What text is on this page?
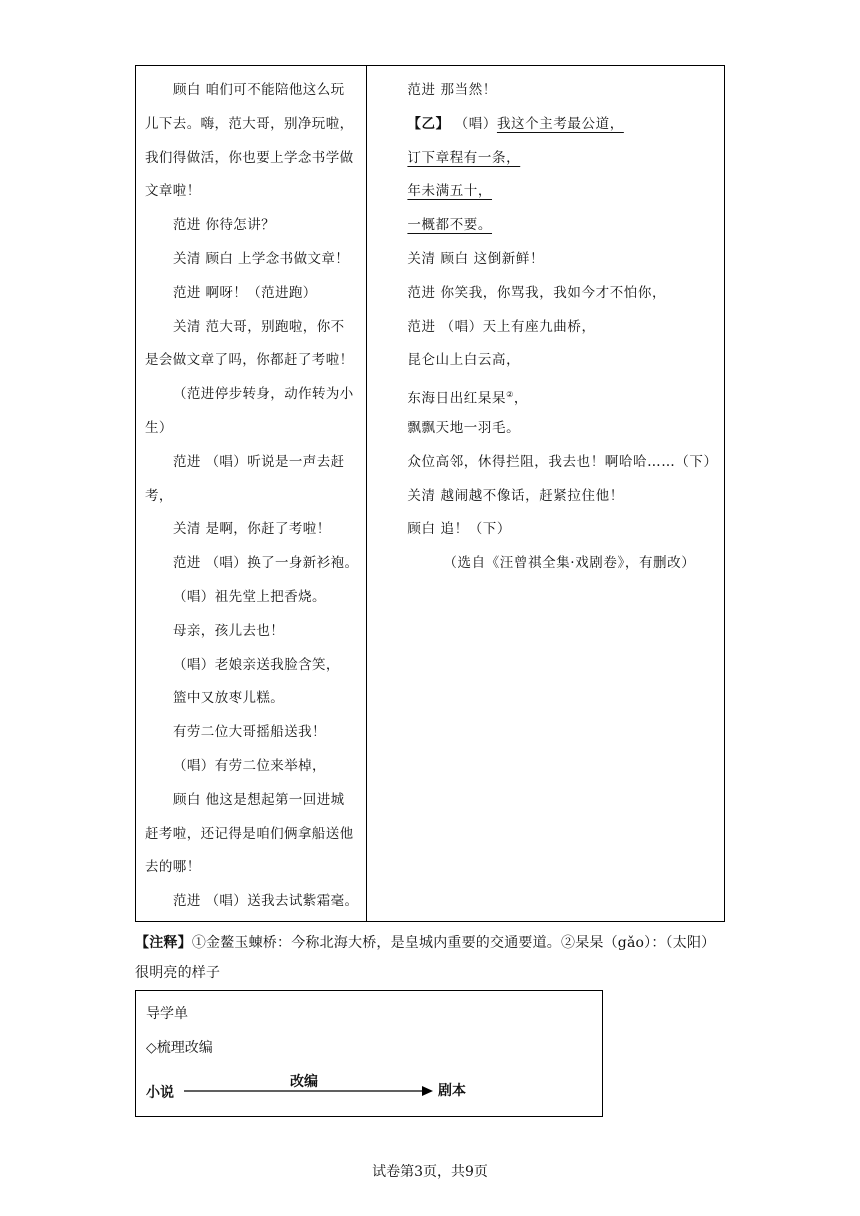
顾白 咱们可不能陪他这么玩
儿下去。嗨，范大哥，别净玩啦，
我们得做活，你也要上学念书学做
文章啦！
范进 你待怎讲？
关清 顾白 上学念书做文章！
范进 啊呀！（范进跑）
关清 范大哥，别跑啦，你不
是会做文章了吗，你都赶了考啦！
（范进停步转身，动作转为小
生）
范进 （唱）听说是一声去赶
考，
关清 是啊，你赶了考啦！
范进 （唱）换了一身新衫袍。
（唱）祖先堂上把香烧。
母亲，孩儿去也！
（唱）老娘亲送我脸含笑，
篮中又放枣儿糕。
有劳二位大哥摇船送我！
（唱）有劳二位来举棹，
顾白 他这是想起第一回进城
赶考啦，还记得是咱们俩拿船送他
去的哪！
范进 （唱）送我去试紫霜毫。
范进 那当然！
【乙】 （唱）我这个主考最公道，
订下章程有一条，
年未满五十，
一概都不要。
关清 顾白 这倒新鲜！
范进 你笑我，你骂我，我如今才不怕你，
范进 （唱）天上有座九曲桥，
昆仑山上白云高，
东海日出红杲杲②，
飘飘天地一羽毛。
众位高邻，休得拦阻，我去也！啊哈哈……（下）
关清 越闹越不像话，赶紧拉住他！
顾白 追！（下）
（选自《汪曾祺全集·戏剧卷》，有删改）
【注释】①金鳌玉蝀桥：今称北海大桥，是皇城内重要的交通要道。②杲杲（gǎo）：（太阳）很明亮的样子
导学单
◇梳理改编
小说
改编
剧本
试卷第3页，共9页
